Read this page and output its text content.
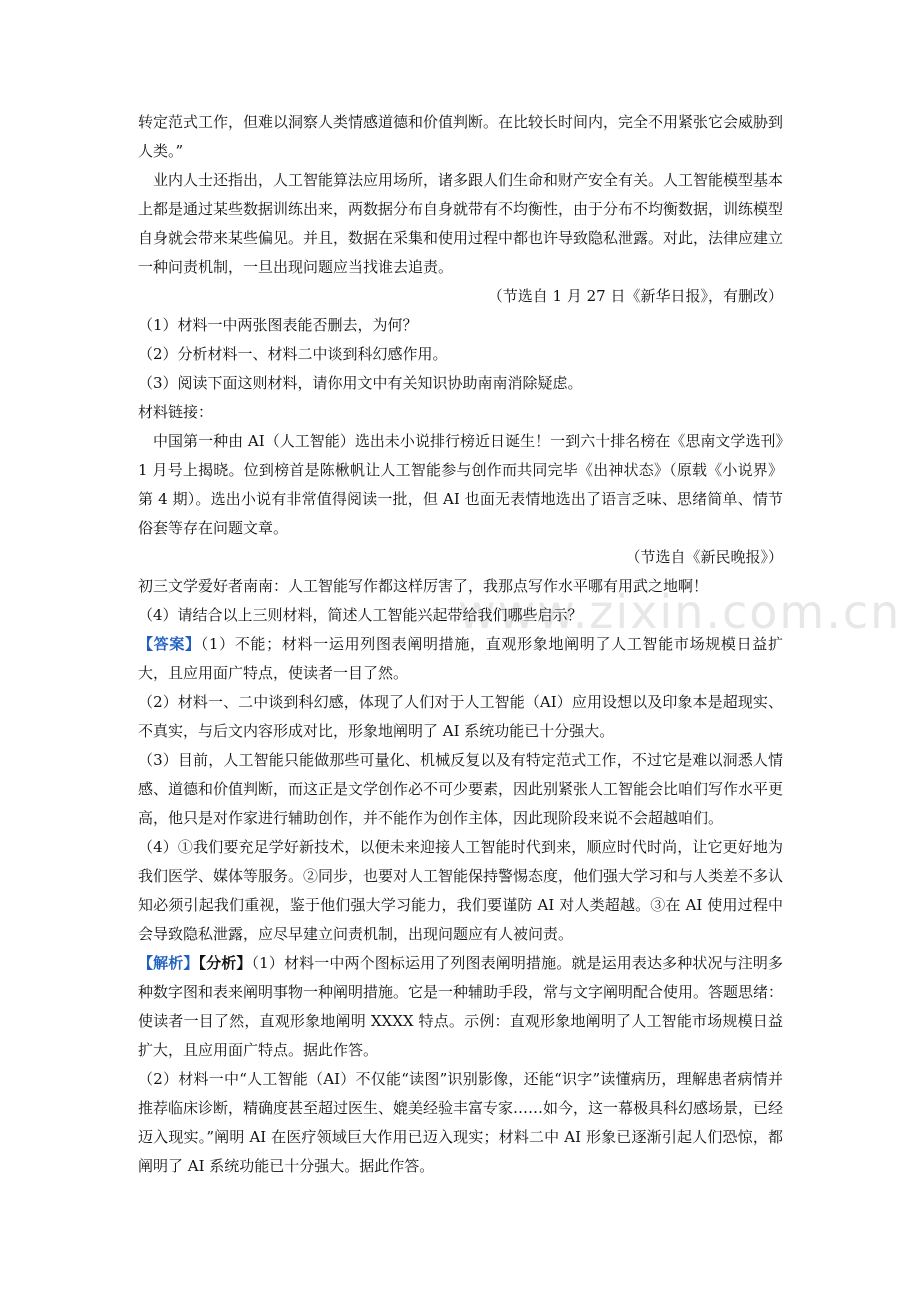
www.zixin.com.cn

转定范式工作，但难以洞察人类情感道德和价值判断。在比较长时间内，完全不用紧张它会威胁到人类。”

业内人士还指出，人工智能算法应用场所，诸多跟人们生命和财产安全有关。人工智能模型基本上都是通过某些数据训练出来，两数据分布自身就带有不均衡性，由于分布不均衡数据，训练模型自身就会带来某些偏见。并且，数据在采集和使用过程中都也许导致隐私泄露。对此，法律应建立一种问责机制，一旦出现问题应当找谁去追责。

（节选自 1 月 27 日《新华日报》，有删改）

（1）材料一中两张图表能否删去，为何？

（2）分析材料一、材料二中谈到科幻感作用。

（3）阅读下面这则材料，请你用文中有关知识协助南南消除疑虑。

材料链接：

中国第一种由 AI（人工智能）选出未小说排行榜近日诞生！一到六十排名榜在《思南文学选刊》1 月号上揭晓。位到榜首是陈楸帆让人工智能参与创作而共同完毕《出神状态》（原载《小说界》第 4 期）。选出小说有非常值得阅读一批，但 AI 也面无表情地选出了语言乏味、思绪简单、情节俗套等存在问题文章。

（节选自《新民晚报》）

初三文学爱好者南南：人工智能写作都这样厉害了，我那点写作水平哪有用武之地啊！

（4）请结合以上三则材料，简述人工智能兴起带给我们哪些启示？

【答案】（1）不能；材料一运用列图表阐明措施，直观形象地阐明了人工智能市场规模日益扩大，且应用面广特点，使读者一目了然。

（2）材料一、二中谈到科幻感，体现了人们对于人工智能（AI）应用设想以及印象本是超现实、不真实，与后文内容形成对比，形象地阐明了 AI 系统功能已十分强大。

（3）目前，人工智能只能做那些可量化、机械反复以及有特定范式工作，不过它是难以洞悉人情感、道德和价值判断，而这正是文学创作必不可少要素，因此别紧张人工智能会比咱们写作水平更高，他只是对作家进行辅助创作，并不能作为创作主体，因此现阶段来说不会超越咱们。

（4）①我们要充足学好新技术，以便未来迎接人工智能时代到来，顺应时代时尚，让它更好地为我们医学、媒体等服务。②同步，也要对人工智能保持警惕态度，他们强大学习和与人类差不多认知必须引起我们重视，鉴于他们强大学习能力，我们要谨防 AI 对人类超越。③在 AI 使用过程中会导致隐私泄露，应尽早建立问责机制，出现问题应有人被问责。

【解析】【分析】（1）材料一中两个图标运用了列图表阐明措施。就是运用表达多种状况与注明多种数字图和表来阐明事物一种阐明措施。它是一种辅助手段，常与文字阐明配合使用。答题思绪：使读者一目了然，直观形象地阐明 XXXX 特点。示例：直观形象地阐明了人工智能市场规模日益扩大，且应用面广特点。据此作答。

（2）材料一中“人工智能（AI）不仅能“读图”识别影像，还能“识字”读懂病历，理解患者病情并推荐临床诊断，精确度甚至超过医生、媲美经验丰富专家……如今，这一幕极具科幻感场景，已经迈入现实。”阐明 AI 在医疗领域巨大作用已迈入现实；材料二中 AI 形象已逐渐引起人们恐惊，都阐明了 AI 系统功能已十分强大。据此作答。
